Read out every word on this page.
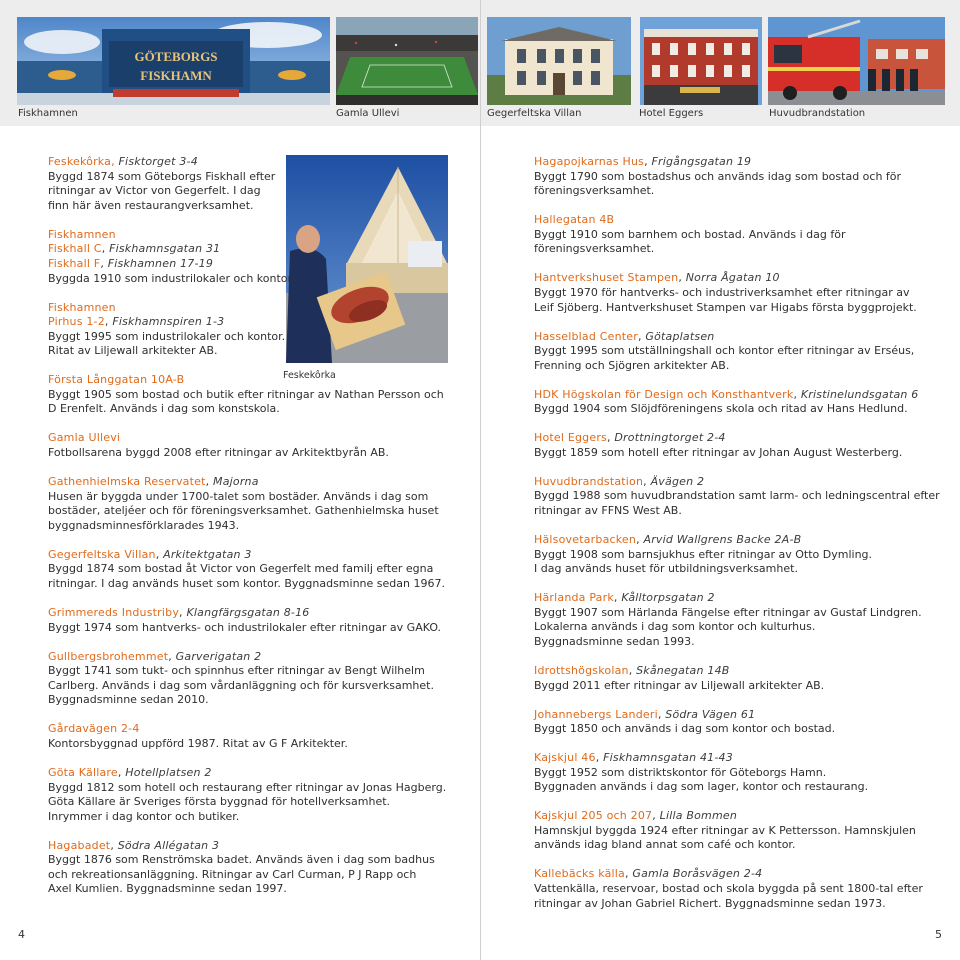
GÖTEBORGS
FISKHAMN
Fiskhamnen	Gamla Ullevi	Gegerfeltska Villan	Hotel Eggers	Huvudbrandstation
Feskekôrka
Feskekôrka, Fisktorget 3-4
Byggd 1874 som Göteborgs Fiskhall efter
ritningar av Victor von Gegerfelt. I dag
finn här även restaurangverksamhet.
Fiskhamnen
Fiskhall C, Fiskhamnsgatan 31
Fiskhall F, Fiskhamnen 17-19
Byggda 1910 som industrilokaler och kontor.
Fiskhamnen
Pirhus 1-2, Fiskhamnspiren 1-3
Byggt 1995 som industrilokaler och kontor.
Ritat av Liljewall arkitekter AB.
Första Långgatan 10A-B
Byggt 1905 som bostad och butik efter ritningar av Nathan Persson och
D Erenfelt. Används i dag som konstskola.
Gamla Ullevi
Fotbollsarena byggd 2008 efter ritningar av Arkitektbyrån AB.
Gathenhielmska Reservatet, Majorna
Husen är byggda under 1700-talet som bostäder. Används i dag som
bostäder, ateljéer och för föreningsverksamhet. Gathenhielmska huset
byggnadsminnesförklarades 1943.
Gegerfeltska Villan, Arkitektgatan 3
Byggd 1874 som bostad åt Victor von Gegerfelt med familj efter egna
ritningar. I dag används huset som kontor. Byggnadsminne sedan 1967.
Grimmereds Industriby, Klangfärgsgatan 8-16
Byggt 1974 som hantverks- och industrilokaler efter ritningar av GAKO.
Gullbergsbrohemmet, Garverigatan 2
Byggt 1741 som tukt- och spinnhus efter ritningar av Bengt Wilhelm
Carlberg. Används i dag som vårdanläggning och för kursverksamhet.
Byggnadsminne sedan 2010.
Gårdavägen 2-4
Kontorsbyggnad uppförd 1987. Ritat av G F Arkitekter.
Göta Källare, Hotellplatsen 2
Byggd 1812 som hotell och restaurang efter ritningar av Jonas Hagberg.
Göta Källare är Sveriges första byggnad för hotellverksamhet.
Inrymmer i dag kontor och butiker.
Hagabadet, Södra Allégatan 3
Byggt 1876 som Renströmska badet. Används även i dag som badhus
och rekreationsanläggning. Ritningar av Carl Curman, P J Rapp och
Axel Kumlien. Byggnadsminne sedan 1997.
Hagapojkarnas Hus, Frigångsgatan 19
Byggt 1790 som bostadshus och används idag som bostad och för
föreningsverksamhet.
Hallegatan 4B
Byggt 1910 som barnhem och bostad. Används i dag för
föreningsverksamhet.
Hantverkshuset Stampen, Norra Ågatan 10
Byggt 1970 för hantverks- och industriverksamhet efter ritningar av
Leif Sjöberg. Hantverkshuset Stampen var Higabs första byggprojekt.
Hasselblad Center, Götaplatsen
Byggt 1995 som utställningshall och kontor efter ritningar av Erséus,
Frenning och Sjögren arkitekter AB.
HDK Högskolan för Design och Konsthantverk, Kristinelundsgatan 6
Byggd 1904 som Slöjdföreningens skola och ritad av Hans Hedlund.
Hotel Eggers, Drottningtorget 2-4
Byggt 1859 som hotell efter ritningar av Johan August Westerberg.
Huvudbrandstation, Ävägen 2
Byggd 1988 som huvudbrandstation samt larm- och ledningscentral efter
ritningar av FFNS West AB.
Hälsovetarbacken, Arvid Wallgrens Backe 2A-B
Byggt 1908 som barnsjukhus efter ritningar av Otto Dymling.
I dag används huset för utbildningsverksamhet.
Härlanda Park, Kålltorpsgatan 2
Byggt 1907 som Härlanda Fängelse efter ritningar av Gustaf Lindgren.
Lokalerna används i dag som kontor och kulturhus.
Byggnadsminne sedan 1993.
Idrottshögskolan, Skånegatan 14B
Byggd 2011 efter ritningar av Liljewall arkitekter AB.
Johannebergs Landeri, Södra Vägen 61
Byggt 1850 och används i dag som kontor och bostad.
Kajskjul 46, Fiskhamnsgatan 41-43
Byggt 1952 som distriktskontor för Göteborgs Hamn.
Byggnaden används i dag som lager, kontor och restaurang.
Kajskjul 205 och 207, Lilla Bommen
Hamnskjul byggda 1924 efter ritningar av K Pettersson. Hamnskjulen
används idag bland annat som café och kontor.
Kallebäcks källa, Gamla Boråsvägen 2-4
Vattenkälla, reservoar, bostad och skola byggda på sent 1800-tal efter
ritningar av Johan Gabriel Richert. Byggnadsminne sedan 1973.
4	5
